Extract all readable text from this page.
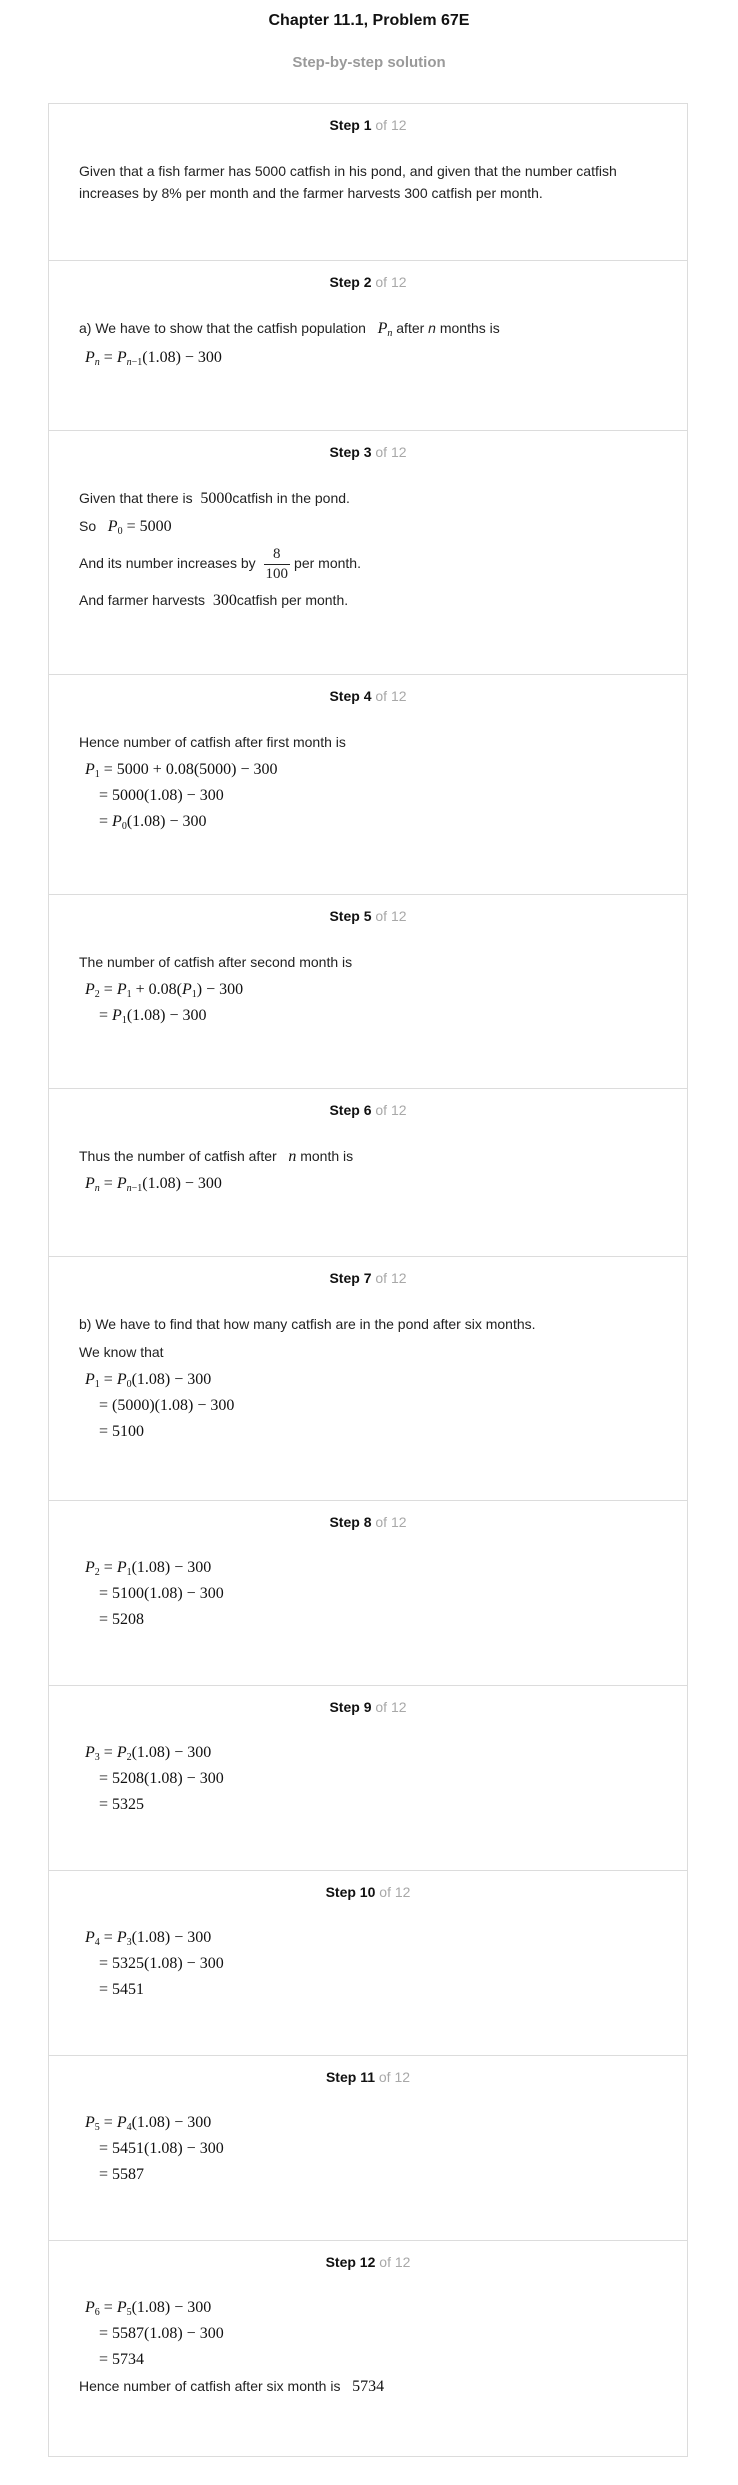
Chapter 11.1, Problem 67E
Step-by-step solution
Step 1 of 12
Given that a fish farmer has 5000 catfish in his pond, and given that the number catfish
increases by 8% per month and the farmer harvests 300 catfish per month.
Step 2 of 12
a) We have to show that the catfish population $P_n$ after n months is
$P_n = P_{n-1}(1.08) - 300$
Step 3 of 12
Given that there is 5000catfish in the pond.
So $P_0 = 5000$
And its number increases by $\frac{8}{100}$ per month.
And farmer harvests 300catfish per month.
Step 4 of 12
Hence number of catfish after first month is
$P_1 = 5000 + 0.08(5000) - 300$
= 5000(1.08) − 300
= $P_0(1.08) - 300$
Step 5 of 12
The number of catfish after second month is
$P_2 = P_1 + 0.08(P_1) - 300$
= $P_1(1.08) - 300$
Step 6 of 12
Thus the number of catfish after n month is
$P_n = P_{n-1}(1.08) - 300$
Step 7 of 12
b) We have to find that how many catfish are in the pond after six months.
We know that
$P_1 = P_0(1.08) - 300$
= (5000)(1.08) − 300
= 5100
Step 8 of 12
$P_2 = P_1(1.08) - 300$
= 5100(1.08) − 300
= 5208
Step 9 of 12
$P_3 = P_2(1.08) - 300$
= 5208(1.08) − 300
= 5325
Step 10 of 12
$P_4 = P_3(1.08) - 300$
= 5325(1.08) − 300
= 5451
Step 11 of 12
$P_5 = P_4(1.08) - 300$
= 5451(1.08) − 300
= 5587
Step 12 of 12
$P_6 = P_5(1.08) - 300$
= 5587(1.08) − 300
= 5734
Hence number of catfish after six month is 5734
